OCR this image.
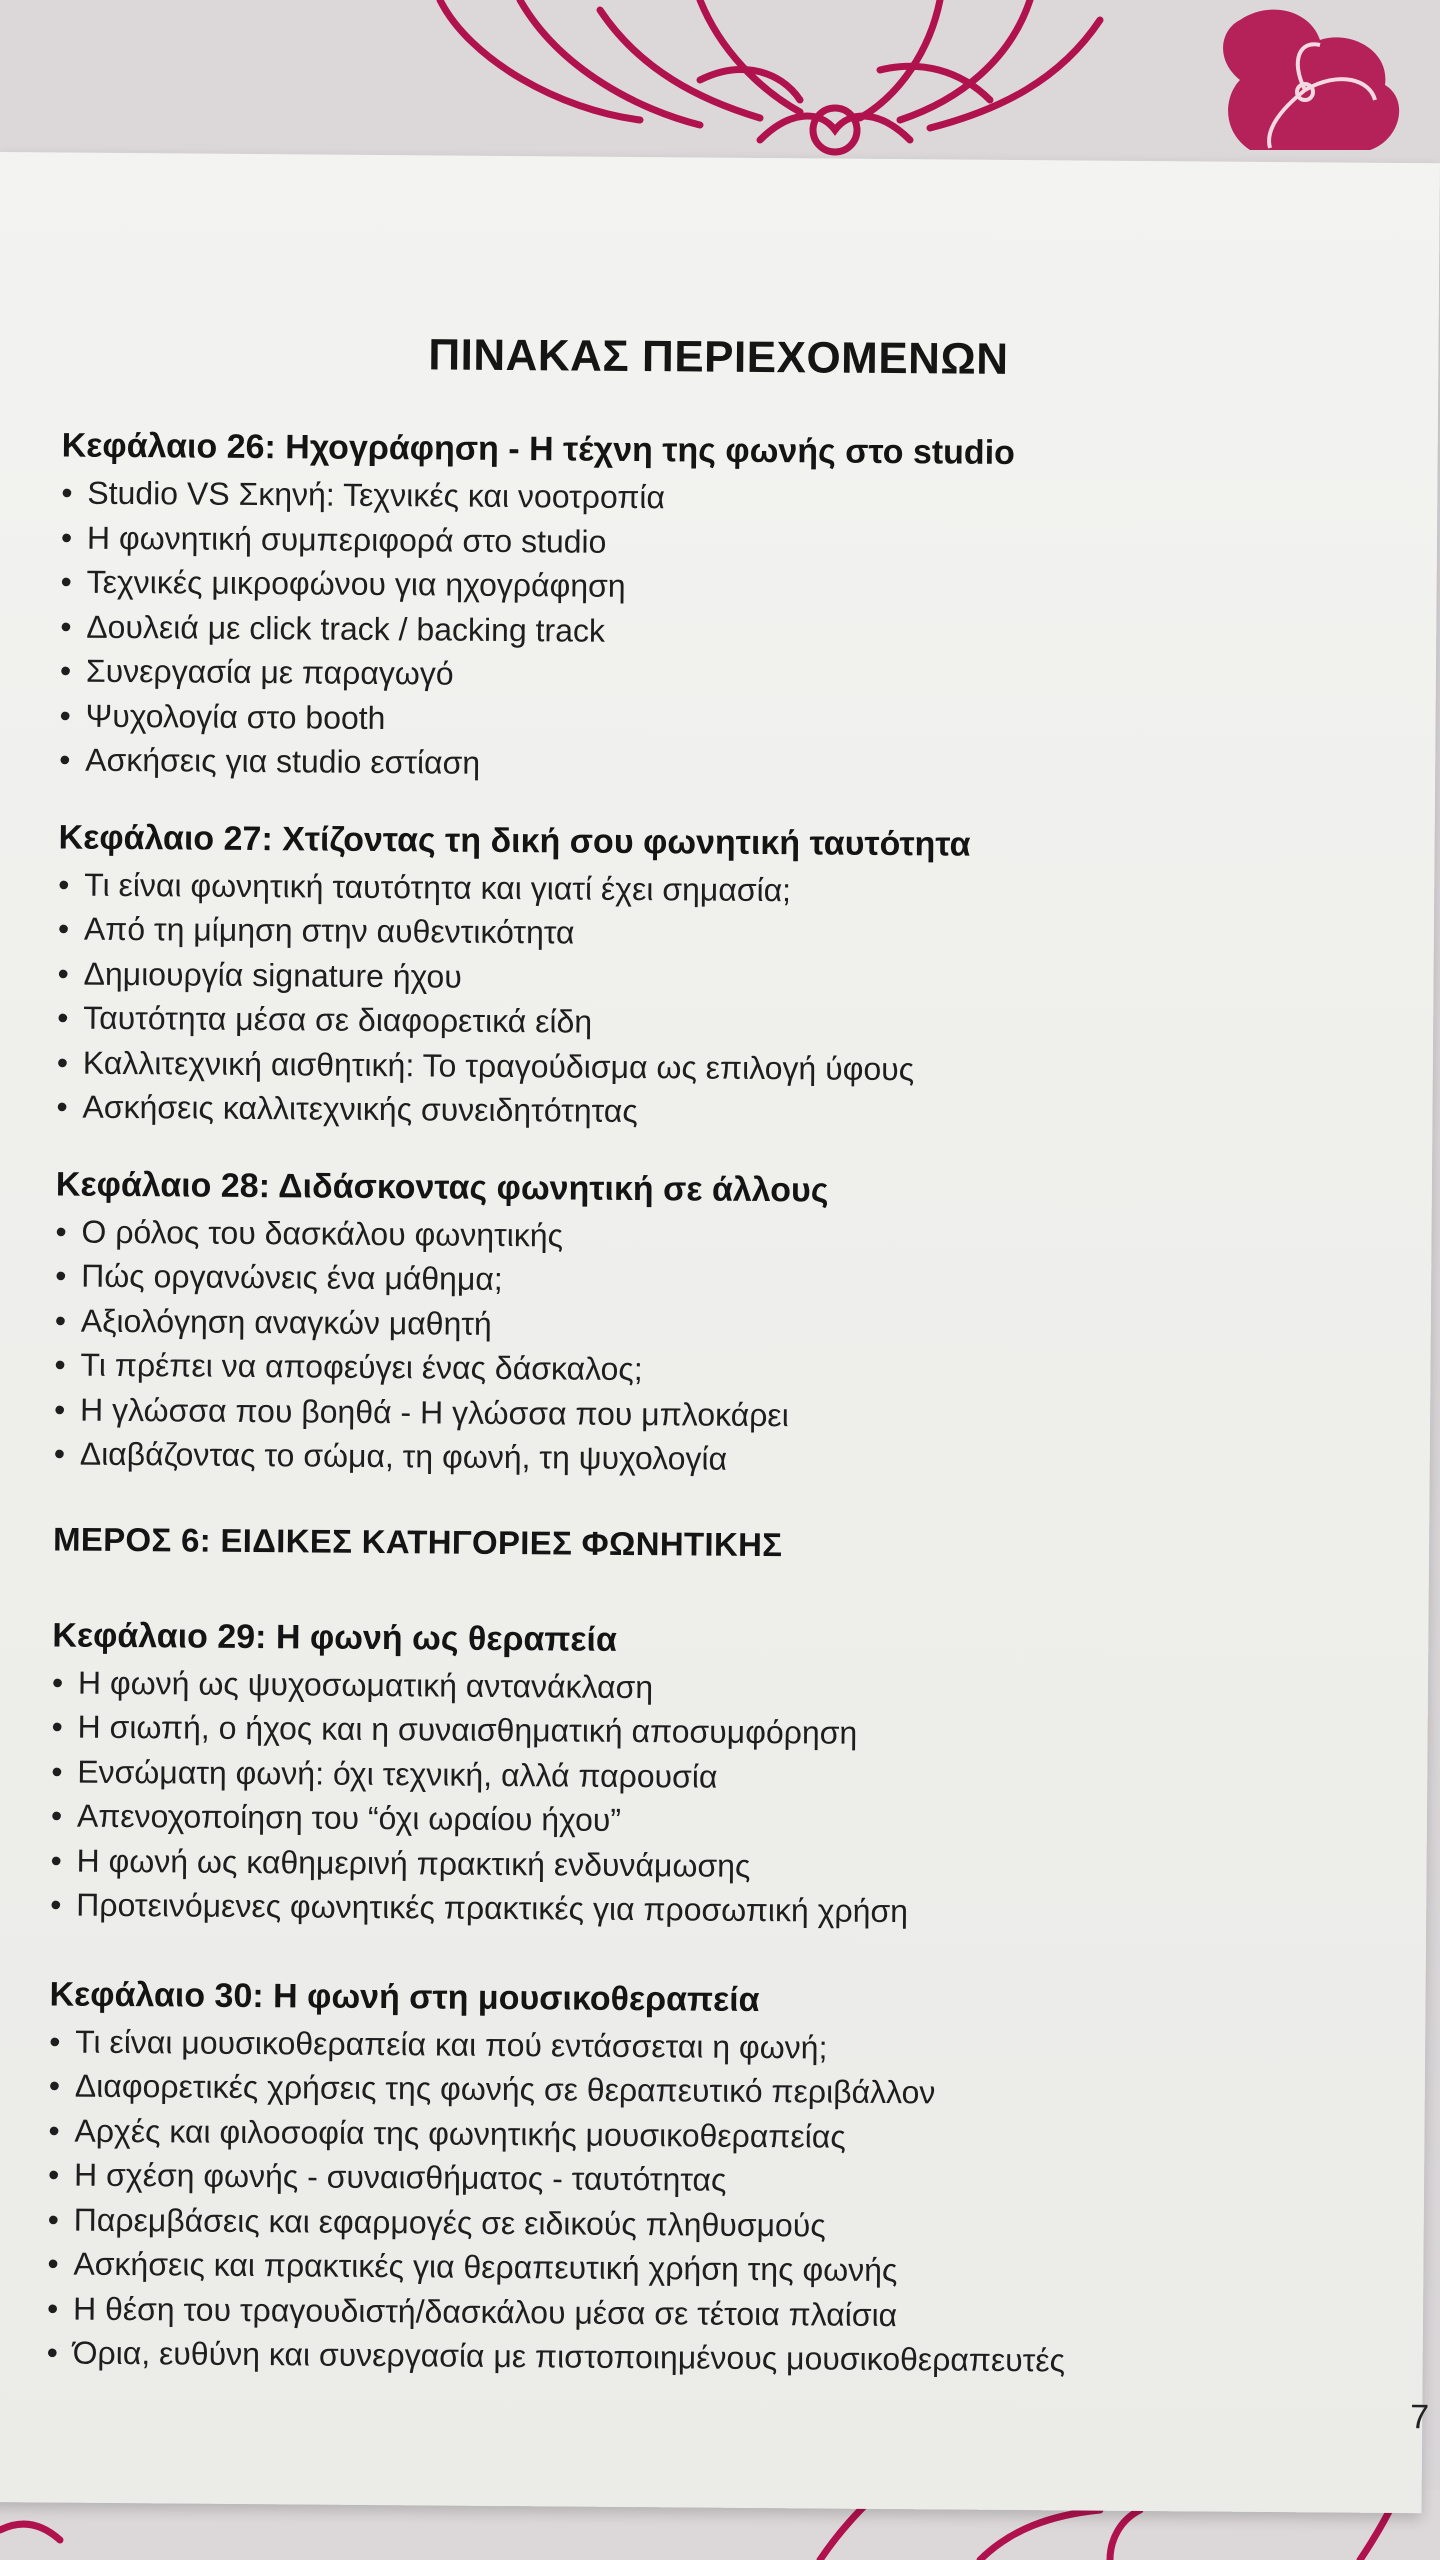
ΠΙΝΑΚΑΣ ΠΕΡΙΕΧΟΜΕΝΩΝ
Κεφάλαιο 26: Ηχογράφηση - Η τέχνη της φωνής στο studio
• Studio VS Σκηνή: Τεχνικές και νοοτροπία
• Η φωνητική συμπεριφορά στο studio
• Τεχνικές μικροφώνου για ηχογράφηση
• Δουλειά με click track / backing track
• Συνεργασία με παραγωγό
• Ψυχολογία στο booth
• Ασκήσεις για studio εστίαση
Κεφάλαιο 27: Χτίζοντας τη δική σου φωνητική ταυτότητα
• Τι είναι φωνητική ταυτότητα και γιατί έχει σημασία;
• Από τη μίμηση στην αυθεντικότητα
• Δημιουργία signature ήχου
• Ταυτότητα μέσα σε διαφορετικά είδη
• Καλλιτεχνική αισθητική: Το τραγούδισμα ως επιλογή ύφους
• Ασκήσεις καλλιτεχνικής συνειδητότητας
Κεφάλαιο 28: Διδάσκοντας φωνητική σε άλλους
• Ο ρόλος του δασκάλου φωνητικής
• Πώς οργανώνεις ένα μάθημα;
• Αξιολόγηση αναγκών μαθητή
• Τι πρέπει να αποφεύγει ένας δάσκαλος;
• Η γλώσσα που βοηθά - Η γλώσσα που μπλοκάρει
• Διαβάζοντας το σώμα, τη φωνή, τη ψυχολογία
ΜΕΡΟΣ 6: ΕΙΔΙΚΕΣ ΚΑΤΗΓΟΡΙΕΣ ΦΩΝΗΤΙΚΗΣ
Κεφάλαιο 29: Η φωνή ως θεραπεία
• Η φωνή ως ψυχοσωματική αντανάκλαση
• Η σιωπή, ο ήχος και η συναισθηματική αποσυμφόρηση
• Ενσώματη φωνή: όχι τεχνική, αλλά παρουσία
• Απενοχοποίηση του “όχι ωραίου ήχου”
• Η φωνή ως καθημερινή πρακτική ενδυνάμωσης
• Προτεινόμενες φωνητικές πρακτικές για προσωπική χρήση
Κεφάλαιο 30: Η φωνή στη μουσικοθεραπεία
• Τι είναι μουσικοθεραπεία και πού εντάσσεται η φωνή;
• Διαφορετικές χρήσεις της φωνής σε θεραπευτικό περιβάλλον
• Αρχές και φιλοσοφία της φωνητικής μουσικοθεραπείας
• Η σχέση φωνής - συναισθήματος - ταυτότητας
• Παρεμβάσεις και εφαρμογές σε ειδικούς πληθυσμούς
• Ασκήσεις και πρακτικές για θεραπευτική χρήση της φωνής
• Η θέση του τραγουδιστή/δασκάλου μέσα σε τέτοια πλαίσια
• Όρια, ευθύνη και συνεργασία με πιστοποιημένους μουσικοθεραπευτές
7
